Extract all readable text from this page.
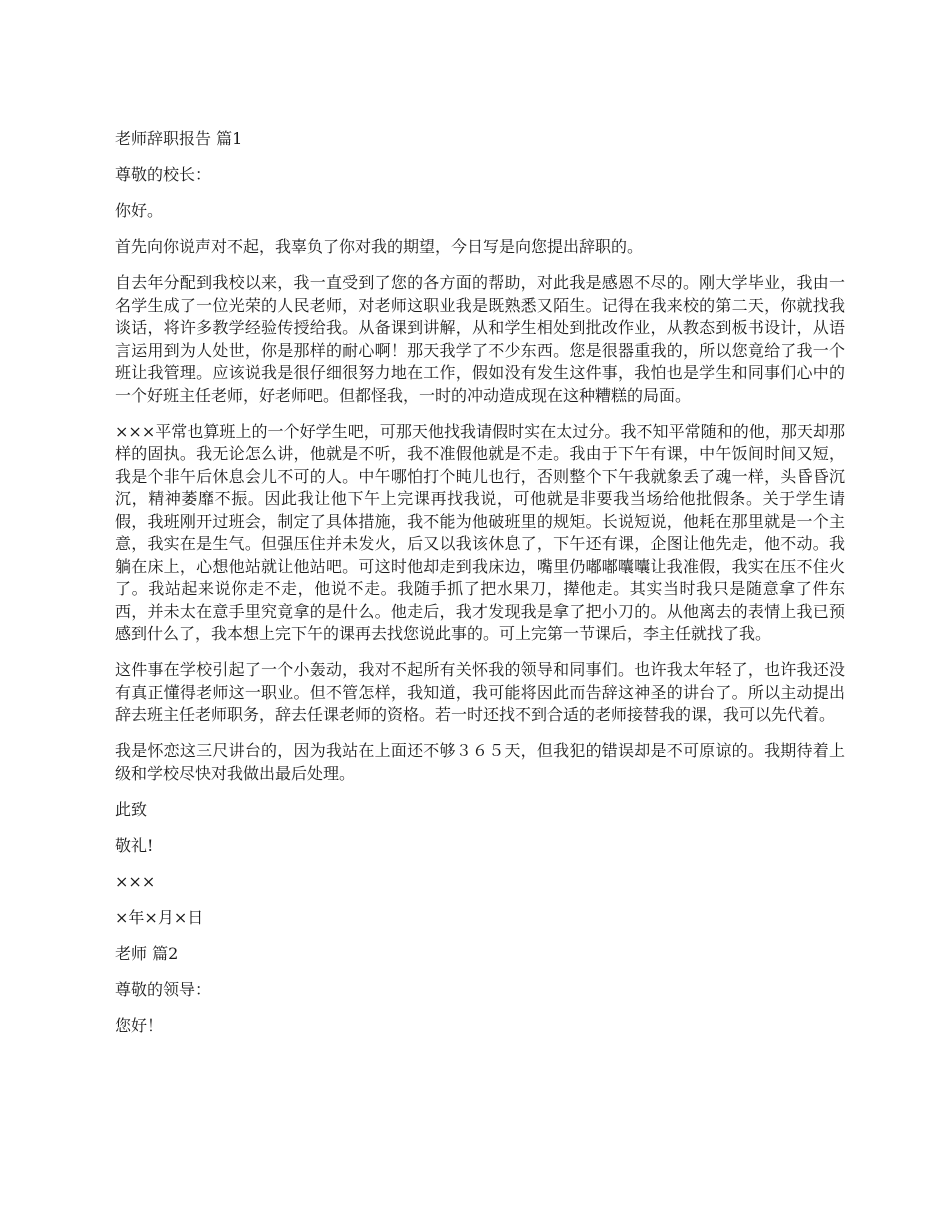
老师辞职报告 篇1

尊敬的校长：

你好。

首先向你说声对不起，我辜负了你对我的期望，今日写是向您提出辞职的。

自去年分配到我校以来，我一直受到了您的各方面的帮助，对此我是感恩不尽的。刚大学毕业，我由一名学生成了一位光荣的人民老师，对老师这职业我是既熟悉又陌生。记得在我来校的第二天，你就找我谈话，将许多教学经验传授给我。从备课到讲解，从和学生相处到批改作业，从教态到板书设计，从语言运用到为人处世，你是那样的耐心啊！那天我学了不少东西。您是很器重我的，所以您竟给了我一个班让我管理。应该说我是很仔细很努力地在工作，假如没有发生这件事，我怕也是学生和同事们心中的一个好班主任老师，好老师吧。但都怪我，一时的冲动造成现在这种糟糕的局面。

×××平常也算班上的一个好学生吧，可那天他找我请假时实在太过分。我不知平常随和的他，那天却那样的固执。我无论怎么讲，他就是不听，我不准假他就是不走。我由于下午有课，中午饭间时间又短，我是个非午后休息会儿不可的人。中午哪怕打个盹儿也行，否则整个下午我就象丢了魂一样，头昏昏沉沉，精神萎靡不振。因此我让他下午上完课再找我说，可他就是非要我当场给他批假条。关于学生请假，我班刚开过班会，制定了具体措施，我不能为他破班里的规矩。长说短说，他耗在那里就是一个主意，我实在是生气。但强压住并未发火，后又以我该休息了，下午还有课，企图让他先走，他不动。我躺在床上，心想他站就让他站吧。可这时他却走到我床边，嘴里仍嘟嘟囔囔让我准假，我实在压不住火了。我站起来说你走不走，他说不走。我随手抓了把水果刀，撵他走。其实当时我只是随意拿了件东西，并未太在意手里究竟拿的是什么。他走后，我才发现我是拿了把小刀的。从他离去的表情上我已预感到什么了，我本想上完下午的课再去找您说此事的。可上完第一节课后，李主任就找了我。

这件事在学校引起了一个小轰动，我对不起所有关怀我的领导和同事们。也许我太年轻了，也许我还没有真正懂得老师这一职业。但不管怎样，我知道，我可能将因此而告辞这神圣的讲台了。所以主动提出辞去班主任老师职务，辞去任课老师的资格。若一时还找不到合适的老师接替我的课，我可以先代着。

我是怀恋这三尺讲台的，因为我站在上面还不够３６５天，但我犯的错误却是不可原谅的。我期待着上级和学校尽快对我做出最后处理。

此致

敬礼!

×××

×年×月×日

老师 篇2

尊敬的领导：

您好！
